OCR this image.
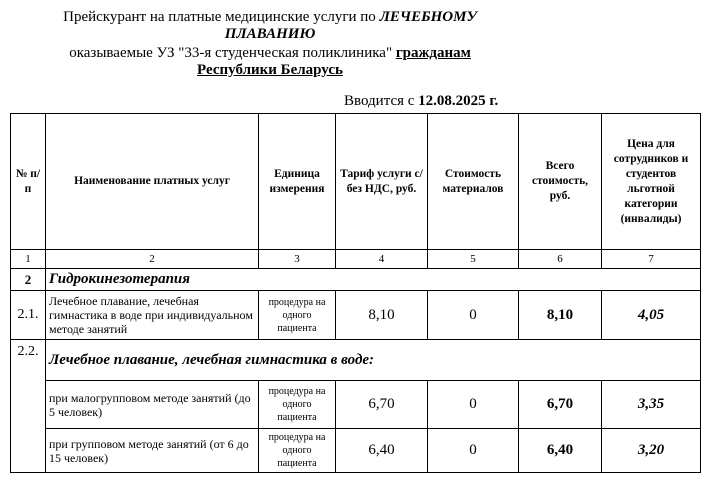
Прейскурант на платные медицинские услуги по ЛЕЧЕБНОМУ
ПЛАВАНИЮ
оказываемые УЗ "33-я студенческая поликлиника" гражданам
Республики Беларусь
Вводится с 12.08.2025 г.
№ п/п	Наименование платных услуг	Единица измерения	Тариф услуги с/без НДС, руб.	Стоимость материалов	Всего стоимость, руб.	Цена для сотрудников и студентов льготной категории (инвалиды)
1	2	3	4	5	6	7
2	Гидрокинезотерапия					
2.1.	Лечебное плавание, лечебная гимнастика в воде при индивидуальном методе занятий	процедура на одного пациента	8,10	0	8,10	4,05
2.2.	Лечебное плавание, лечебная гимнастика в воде:					
	при малогрупповом методе занятий (до 5 человек)	процедура на одного пациента	6,70	0	6,70	3,35
	при групповом методе занятий (от 6 до 15 человек)	процедура на одного пациента	6,40	0	6,40	3,20
